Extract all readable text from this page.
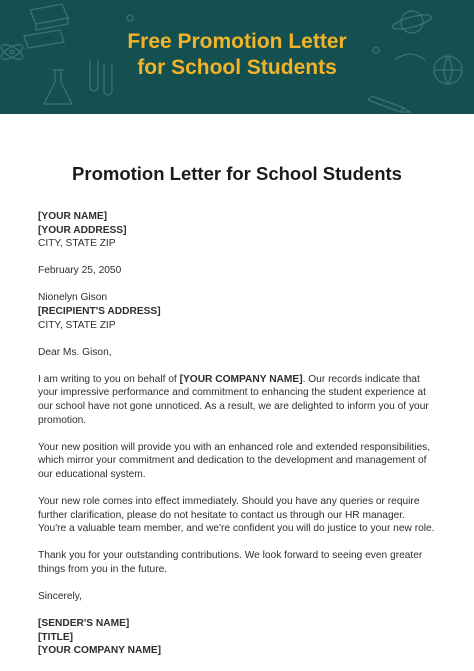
Free Promotion Letter
for School Students
Promotion Letter for School Students
[YOUR NAME]
[YOUR ADDRESS]
CITY, STATE ZIP
February 25, 2050
Nionelyn Gison
[RECIPIENT'S ADDRESS]
CITY, STATE ZIP
Dear Ms. Gison,
I am writing to you on behalf of [YOUR COMPANY NAME]. Our records indicate that
your impressive performance and commitment to enhancing the student experience at
our school have not gone unnoticed. As a result, we are delighted to inform you of your
promotion.
Your new position will provide you with an enhanced role and extended responsibilities,
which mirror your commitment and dedication to the development and management of
our educational system.
Your new role comes into effect immediately. Should you have any queries or require
further clarification, please do not hesitate to contact us through our HR manager.
You're a valuable team member, and we're confident you will do justice to your new role.
Thank you for your outstanding contributions. We look forward to seeing even greater
things from you in the future.
Sincerely,
[SENDER'S NAME]
[TITLE]
[YOUR COMPANY NAME]
